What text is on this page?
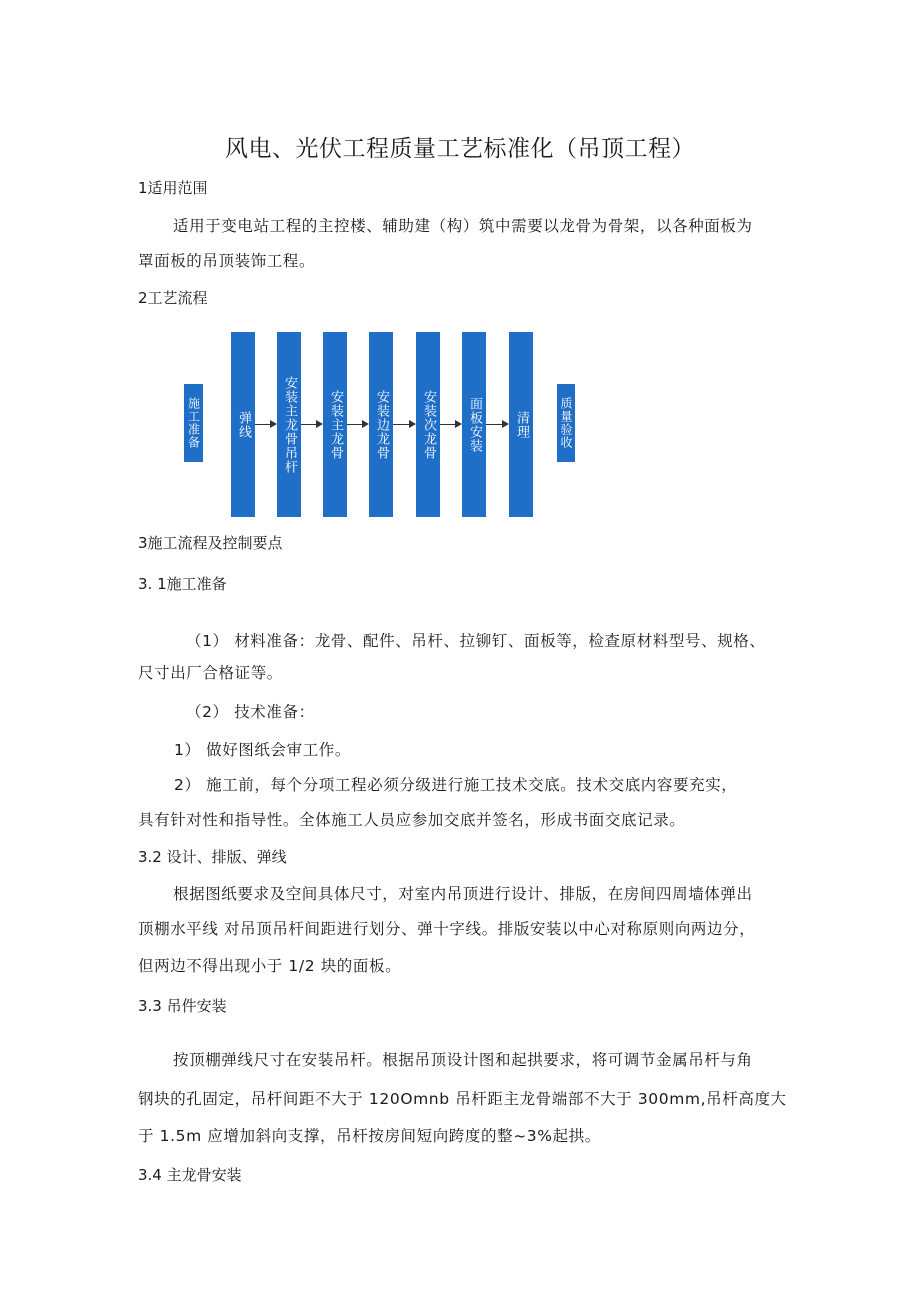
风电、光伏工程质量工艺标准化（吊顶工程）
1适用范围
适用于变电站工程的主控楼、辅助建（构）筑中需要以龙骨为骨架，以各种面板为
罩面板的吊顶装饰工程。
2工艺流程
施工准备	弹线	安装主龙骨吊杆	安装主龙骨	安装边龙骨	安装次龙骨	面板安装	清理	质量验收
3施工流程及控制要点
3. 1施工准备
（1） 材料准备：龙骨、配件、吊杆、拉铆钉、面板等，检查原材料型号、规格、
尺寸出厂合格证等。
（2） 技术准备：
1） 做好图纸会审工作。
2） 施工前，每个分项工程必须分级进行施工技术交底。技术交底内容要充实，
具有针对性和指导性。全体施工人员应参加交底并签名，形成书面交底记录。
3.2 设计、排版、弹线
根据图纸要求及空间具体尺寸，对室内吊顶进行设计、排版，在房间四周墙体弹出
顶棚水平线 对吊顶吊杆间距进行划分、弹十字线。排版安装以中心对称原则向两边分，
但两边不得出现小于 1/2 块的面板。
3.3 吊件安装
按顶棚弹线尺寸在安装吊杆。根据吊顶设计图和起拱要求，将可调节金属吊杆与角
钢块的孔固定，吊杆间距不大于 120Omnb 吊杆距主龙骨端部不大于 300mm,吊杆高度大
于 1.5m 应增加斜向支撑，吊杆按房间短向跨度的整~3%起拱。
3.4 主龙骨安装
